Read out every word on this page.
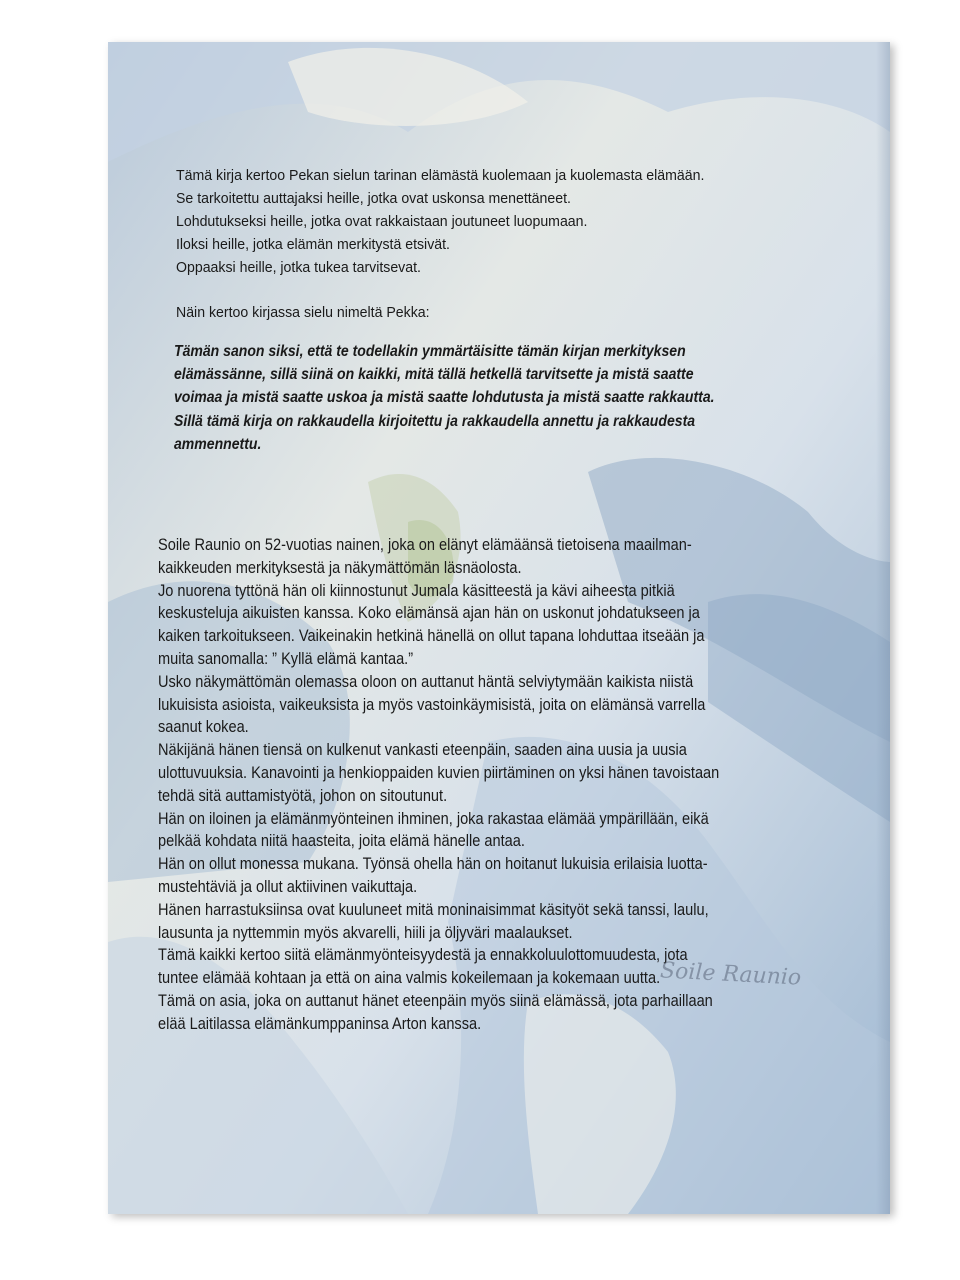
Tämä kirja kertoo Pekan sielun tarinan elämästä kuolemaan ja kuolemasta elämään.
Se tarkoitettu auttajaksi heille, jotka ovat uskonsa menettäneet.
Lohdutukseksi heille, jotka ovat rakkaistaan joutuneet luopumaan.
Iloksi heille, jotka elämän merkitystä etsivät.
Oppaaksi heille, jotka tukea tarvitsevat.
Näin kertoo kirjassa sielu nimeltä Pekka:
Tämän sanon siksi, että te todellakin ymmärtäisitte tämän kirjan merkityksen
elämässänne, sillä siinä on kaikki, mitä tällä hetkellä tarvitsette ja mistä saatte
voimaa ja mistä saatte uskoa ja mistä saatte lohdutusta ja mistä saatte rakkautta.
Sillä tämä kirja on rakkaudella kirjoitettu ja rakkaudella annettu ja rakkaudesta
ammennettu.
Soile Raunio on 52-vuotias nainen, joka on elänyt elämäänsä tietoisena maailman-
kaikkeuden merkityksestä ja näkymättömän läsnäolosta.
Jo nuorena tyttönä hän oli kiinnostunut Jumala käsitteestä ja kävi aiheesta pitkiä
keskusteluja aikuisten kanssa. Koko elämänsä ajan hän on uskonut johdatukseen ja
kaiken tarkoitukseen. Vaikeinakin hetkinä hänellä on ollut tapana lohduttaa itseään ja
muita sanomalla: ” Kyllä elämä kantaa.”
Usko näkymättömän olemassa oloon on auttanut häntä selviytymään kaikista niistä
lukuisista asioista, vaikeuksista ja myös vastoinkäymisistä, joita on elämänsä varrella
saanut kokea.
Näkijänä hänen tiensä on kulkenut vankasti eteenpäin, saaden aina uusia ja uusia
ulottuvuuksia. Kanavointi ja henkioppaiden kuvien piirtäminen on yksi hänen tavoistaan
tehdä sitä auttamistyötä, johon on sitoutunut.
Hän on iloinen ja elämänmyönteinen ihminen, joka rakastaa elämää ympärillään, eikä
pelkää kohdata niitä haasteita, joita elämä hänelle antaa.
Hän on ollut monessa mukana. Työnsä ohella hän on hoitanut lukuisia erilaisia luotta-
mustehtäviä ja ollut aktiivinen vaikuttaja.
Hänen harrastuksiinsa ovat kuuluneet mitä moninaisimmat käsityöt sekä tanssi, laulu,
lausunta ja nyttemmin myös akvarelli, hiili ja öljyväri maalaukset.
Tämä kaikki kertoo siitä elämänmyönteisyydestä ja ennakkoluulottomuudesta, jota
tuntee elämää kohtaan ja että on aina valmis kokeilemaan ja kokemaan uutta.
Tämä on asia, joka on auttanut hänet eteenpäin myös siinä elämässä, jota parhaillaan
elää Laitilassa elämänkumppaninsa Arton kanssa.
Soile Raunio
